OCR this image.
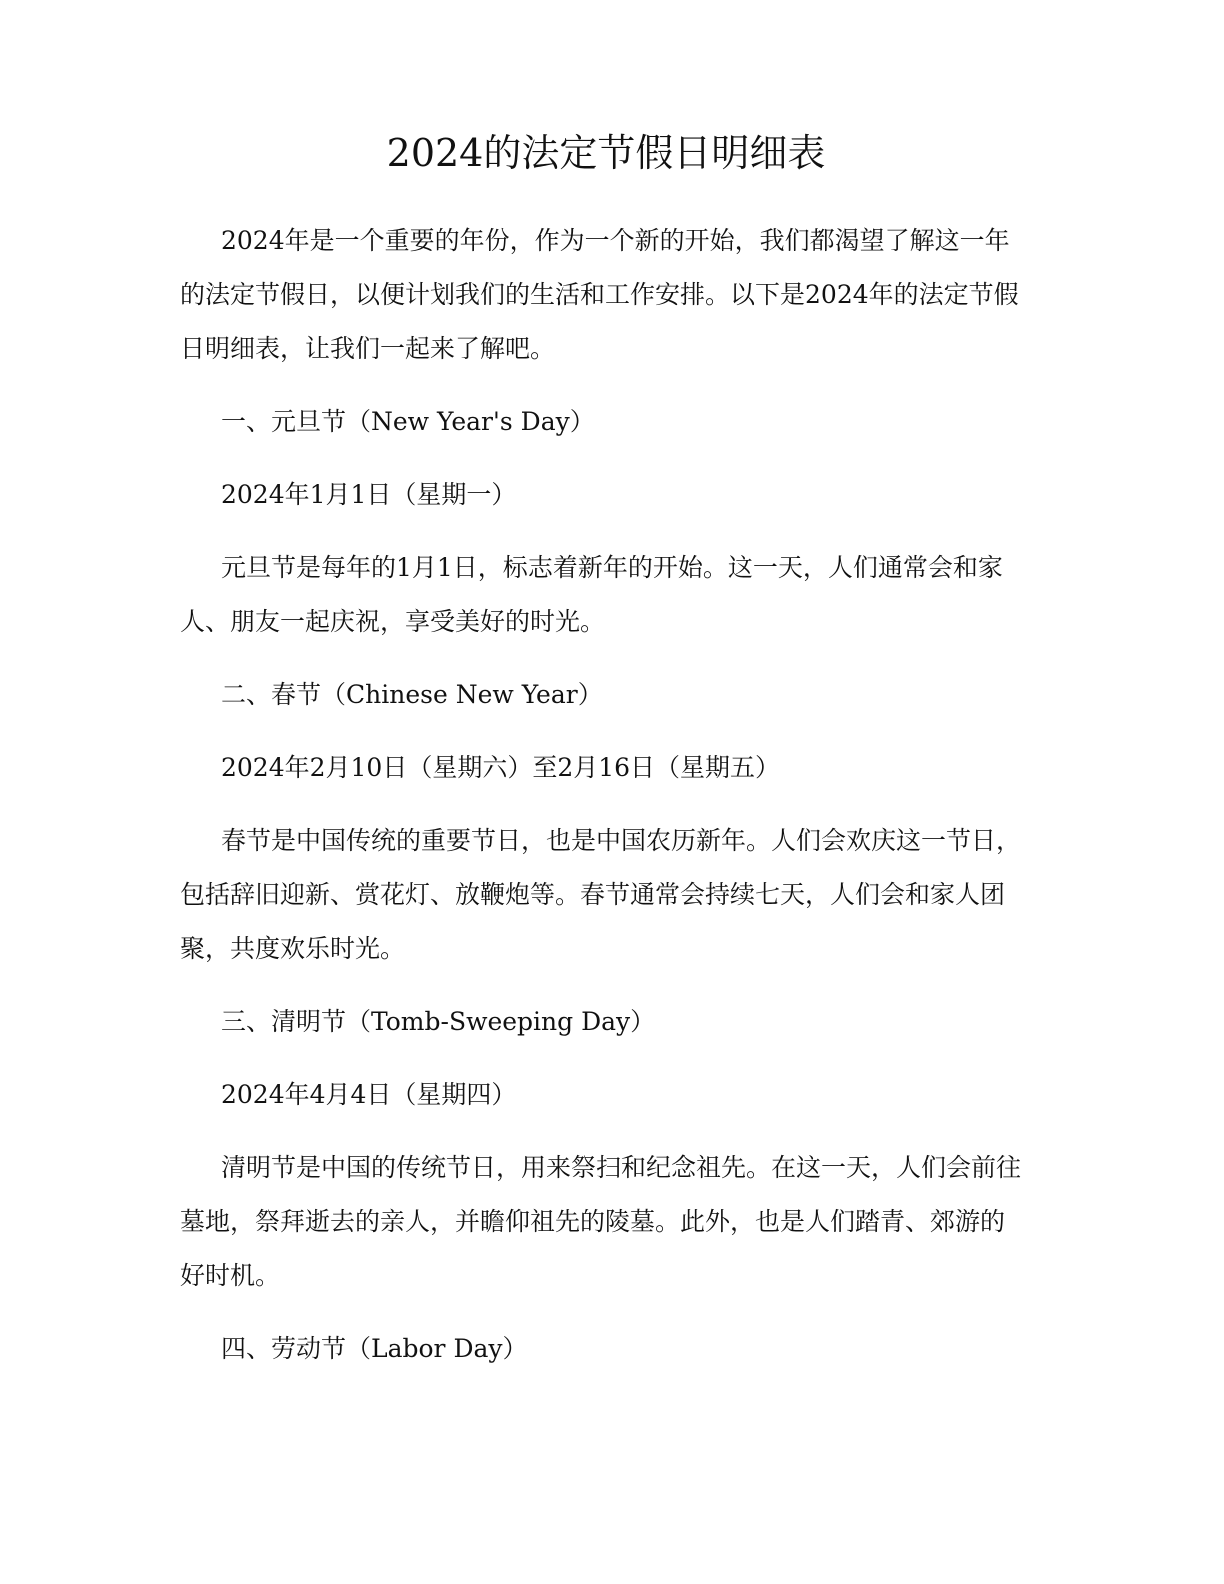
2024的法定节假日明细表

2024年是一个重要的年份，作为一个新的开始，我们都渴望了解这一年的法定节假日，以便计划我们的生活和工作安排。以下是2024年的法定节假日明细表，让我们一起来了解吧。

一、元旦节（New Year's Day）

2024年1月1日（星期一）

元旦节是每年的1月1日，标志着新年的开始。这一天，人们通常会和家人、朋友一起庆祝，享受美好的时光。

二、春节（Chinese New Year）

2024年2月10日（星期六）至2月16日（星期五）

春节是中国传统的重要节日，也是中国农历新年。人们会欢庆这一节日，包括辞旧迎新、赏花灯、放鞭炮等。春节通常会持续七天，人们会和家人团聚，共度欢乐时光。

三、清明节（Tomb-Sweeping Day）

2024年4月4日（星期四）

清明节是中国的传统节日，用来祭扫和纪念祖先。在这一天，人们会前往墓地，祭拜逝去的亲人，并瞻仰祖先的陵墓。此外，也是人们踏青、郊游的好时机。

四、劳动节（Labor Day）
